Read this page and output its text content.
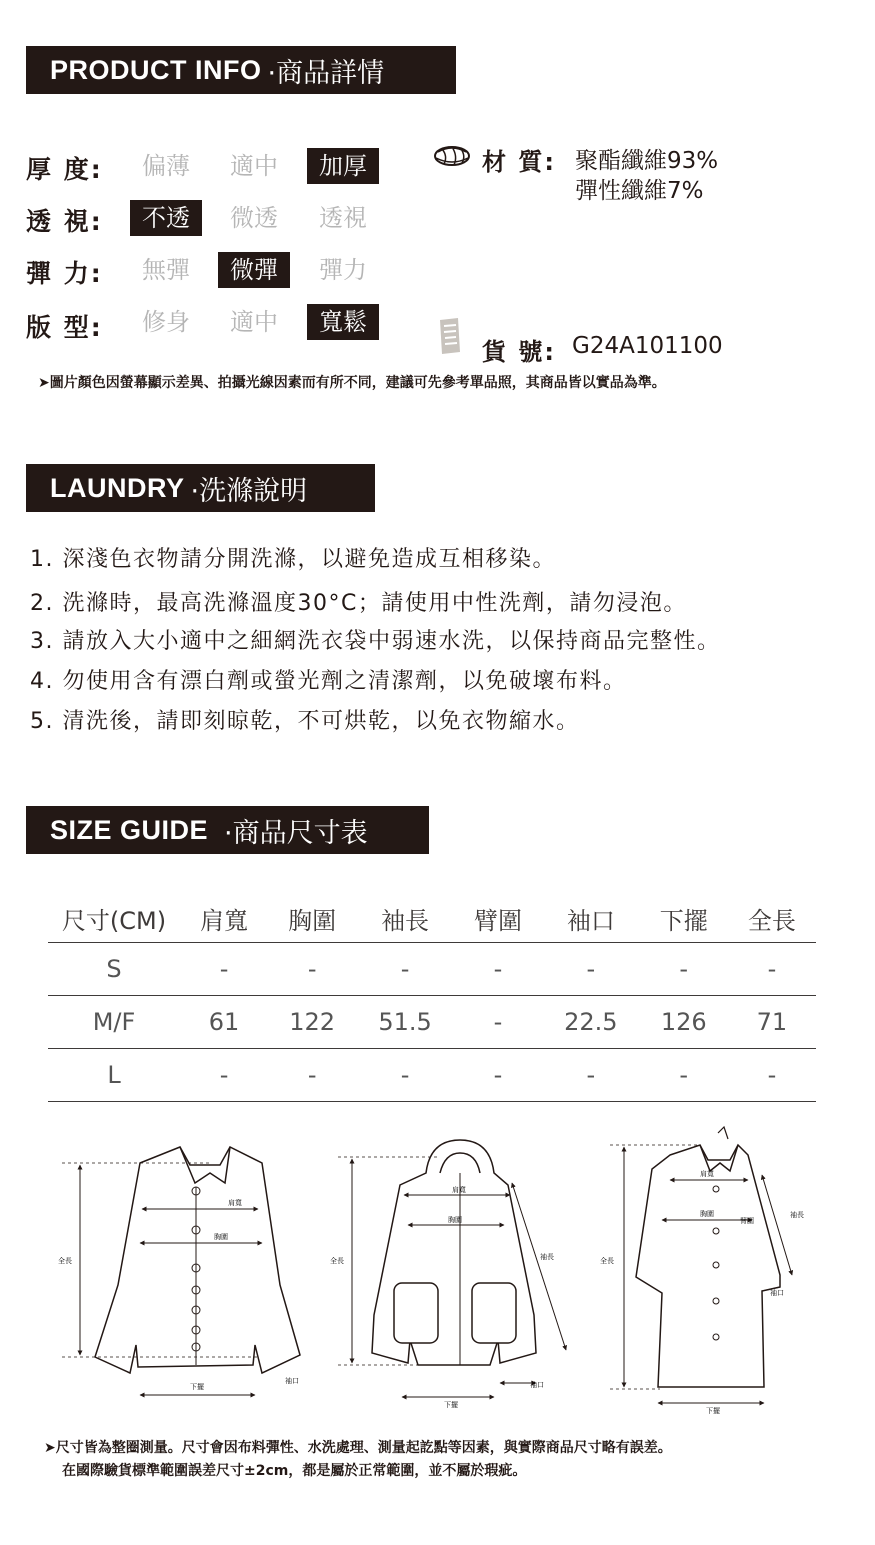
PRODUCT INFO ·商品詳情
厚 度:	偏薄	適中	加厚
透 視:	不透	微透	透視
彈 力:	無彈	微彈	彈力
版 型:	修身	適中	寬鬆
材 質: 聚酯纖維93%
彈性纖維7%
貨 號: G24A101100
➤圖片顏色因螢幕顯示差異、拍攝光線因素而有所不同，建議可先參考單品照，其商品皆以實品為準。
LAUNDRY ·洗滌說明
1. 深淺色衣物請分開洗滌，以避免造成互相移染。
2. 洗滌時，最高洗滌溫度30°C；請使用中性洗劑，請勿浸泡。
3. 請放入大小適中之細網洗衣袋中弱速水洗，以保持商品完整性。
4. 勿使用含有漂白劑或螢光劑之清潔劑，以免破壞布料。
5. 清洗後，請即刻晾乾，不可烘乾，以免衣物縮水。
SIZE GUIDE ·商品尺寸表
尺寸(CM)	肩寬	胸圍	袖長	臂圍	袖口	下擺	全長
S	-	-	-	-	-	-	-
M/F	61	122	51.5	-	22.5	126	71
L	-	-	-	-	-	-	-
肩寬
胸圍
全長
下擺
袖口
肩寬
胸圍
全長	袖長
下擺
袖口
肩寬
胸圍
臂圍
全長
袖長
下擺
袖口
➤尺寸皆為整圈測量。尺寸會因布料彈性、水洗處理、測量起訖點等因素，與實際商品尺寸略有誤差。
在國際驗貨標準範圍誤差尺寸±2cm，都是屬於正常範圍，並不屬於瑕疵。
